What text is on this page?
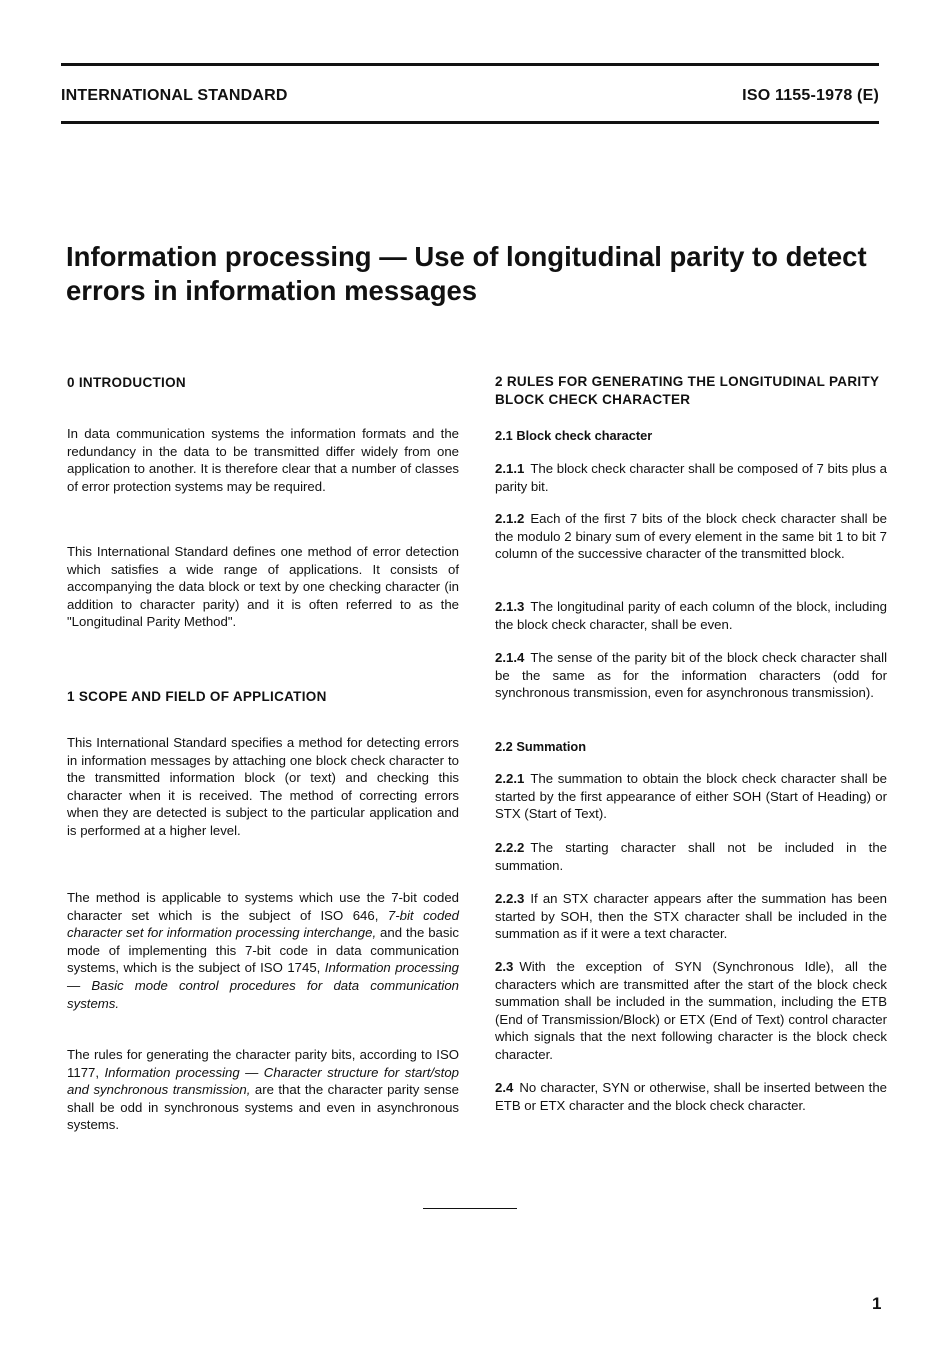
INTERNATIONAL STANDARD	ISO 1155-1978 (E)
Information processing — Use of longitudinal parity to detect errors in information messages
0 INTRODUCTION

In data communication systems the information formats and the redundancy in the data to be transmitted differ widely from one application to another. It is therefore clear that a number of classes of error protection systems may be required.

This International Standard defines one method of error detection which satisfies a wide range of applications. It consists of accompanying the data block or text by one checking character (in addition to character parity) and it is often referred to as the "Longitudinal Parity Method".

1 SCOPE AND FIELD OF APPLICATION

This International Standard specifies a method for detecting errors in information messages by attaching one block check character to the transmitted information block (or text) and checking this character when it is received. The method of correcting errors when they are detected is subject to the particular application and is performed at a higher level.

The method is applicable to systems which use the 7-bit coded character set which is the subject of ISO 646, 7-bit coded character set for information processing interchange, and the basic mode of implementing this 7-bit code in data communication systems, which is the subject of ISO 1745, Information processing — Basic mode control procedures for data communication systems.

The rules for generating the character parity bits, according to ISO 1177, Information processing — Character structure for start/stop and synchronous transmission, are that the character parity sense shall be odd in synchronous systems and even in asynchronous systems.

2 RULES FOR GENERATING THE LONGITUDINAL PARITY BLOCK CHECK CHARACTER
2.1 Block check character

2.1.1 The block check character shall be composed of 7 bits plus a parity bit.

2.1.2 Each of the first 7 bits of the block check character shall be the modulo 2 binary sum of every element in the same bit 1 to bit 7 column of the successive character of the transmitted block.

2.1.3 The longitudinal parity of each column of the block, including the block check character, shall be even.

2.1.4 The sense of the parity bit of the block check character shall be the same as for the information characters (odd for synchronous transmission, even for asynchronous transmission).

2.2 Summation

2.2.1 The summation to obtain the block check character shall be started by the first appearance of either SOH (Start of Heading) or STX (Start of Text).

2.2.2 The starting character shall not be included in the summation.

2.2.3 If an STX character appears after the summation has been started by SOH, then the STX character shall be included in the summation as if it were a text character.

2.3 With the exception of SYN (Synchronous Idle), all the characters which are transmitted after the start of the block check summation shall be included in the summation, including the ETB (End of Transmission/Block) or ETX (End of Text) control character which signals that the next following character is the block check character.

2.4 No character, SYN or otherwise, shall be inserted between the ETB or ETX character and the block check character.

1
